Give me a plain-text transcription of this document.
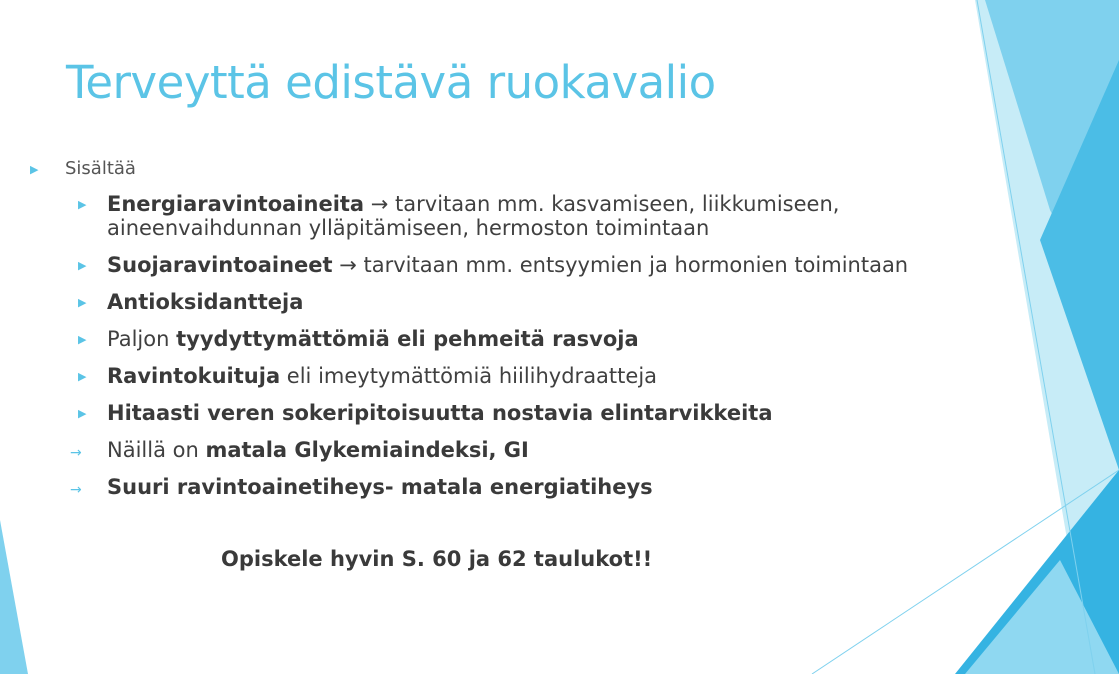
Terveyttä edistävä ruokavalio
▶ Sisältää
▶ Energiaravintoaineita → tarvitaan mm. kasvamiseen, liikkumiseen,
aineenvaihdunnan ylläpitämiseen, hermoston toimintaan
▶ Suojaravintoaineet → tarvitaan mm. entsyymien ja hormonien toimintaan
▶ Antioksidantteja
▶ Paljon tyydyttymättömiä eli pehmeitä rasvoja
▶ Ravintokuituja eli imeytymättömiä hiilihydraatteja
▶ Hitaasti veren sokeripitoisuutta nostavia elintarvikkeita
→ Näillä on matala Glykemiaindeksi, GI
→ Suuri ravintoainetiheys- matala energiatiheys
Opiskele hyvin S. 60 ja 62 taulukot!!
